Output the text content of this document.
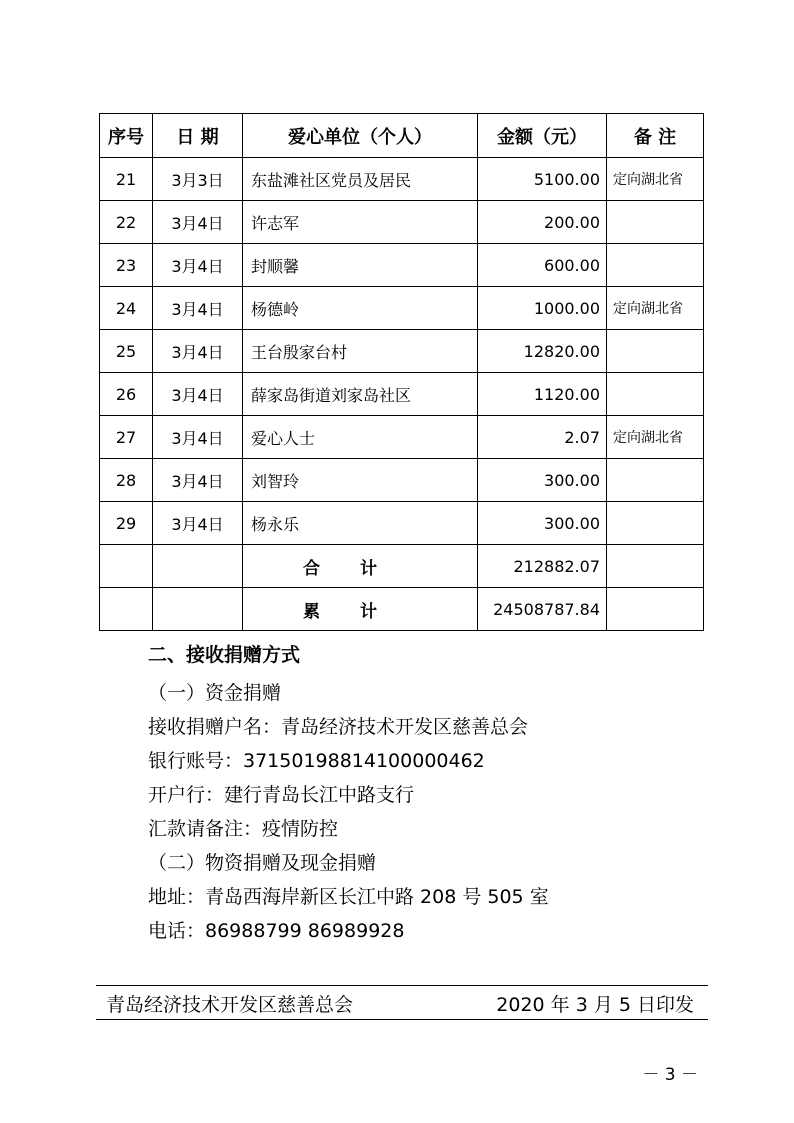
序号	日 期	爱心单位（个人）	金额（元）	备 注
21	3月3日	东盐滩社区党员及居民	5100.00	定向湖北省
22	3月4日	许志军	200.00	
23	3月4日	封顺馨	600.00	
24	3月4日	杨德岭	1000.00	定向湖北省
25	3月4日	王台殷家台村	12820.00	
26	3月4日	薛家岛街道刘家岛社区	1120.00	
27	3月4日	爱心人士	2.07	定向湖北省
28	3月4日	刘智玲	300.00	
29	3月4日	杨永乐	300.00	
		合计	212882.07	
		累计	24508787.84	
二、接收捐赠方式
（一）资金捐赠
接收捐赠户名：青岛经济技术开发区慈善总会
银行账号：37150198814100000462
开户行：建行青岛长江中路支行
汇款请备注：疫情防控
（二）物资捐赠及现金捐赠
地址：青岛西海岸新区长江中路 208 号 505 室
电话：86988799 86989928
青岛经济技术开发区慈善总会	2020 年 3 月 5 日印发
－ 3 －
